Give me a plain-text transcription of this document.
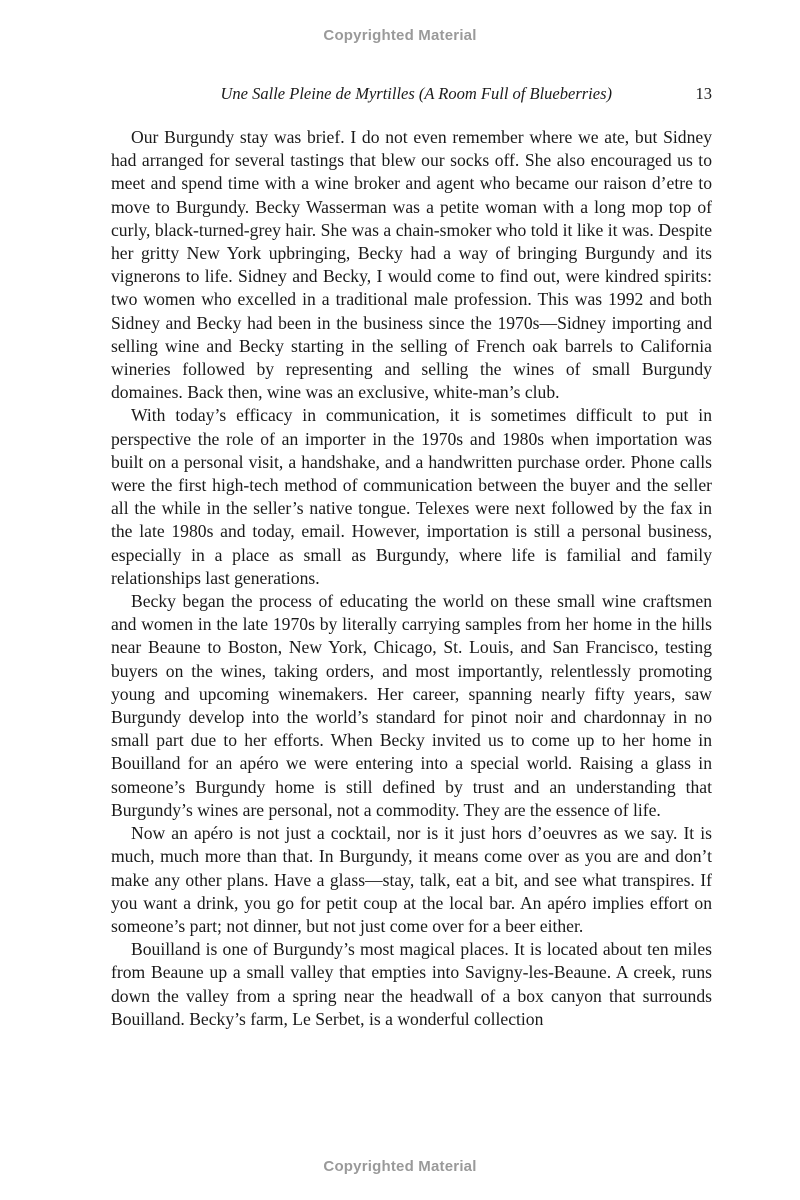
Copyrighted Material
Une Salle Pleine de Myrtilles (A Room Full of Blueberries)	13

Our Burgundy stay was brief. I do not even remember where we ate, but Sidney had arranged for several tastings that blew our socks off. She also encouraged us to meet and spend time with a wine broker and agent who became our raison d’etre to move to Burgundy. Becky Wasserman was a petite woman with a long mop top of curly, black-turned-grey hair. She was a chain-smoker who told it like it was. Despite her gritty New York upbringing, Becky had a way of bringing Burgundy and its vignerons to life. Sidney and Becky, I would come to find out, were kindred spirits: two women who excelled in a traditional male profession. This was 1992 and both Sidney and Becky had been in the business since the 1970s—Sidney importing and selling wine and Becky starting in the selling of French oak barrels to California wineries followed by representing and selling the wines of small Burgundy domaines. Back then, wine was an exclusive, white-man’s club.

With today’s efficacy in communication, it is sometimes difficult to put in perspective the role of an importer in the 1970s and 1980s when importation was built on a personal visit, a handshake, and a handwritten purchase order. Phone calls were the first high-tech method of communication between the buyer and the seller all the while in the seller’s native tongue. Telexes were next followed by the fax in the late 1980s and today, email. However, importation is still a personal business, especially in a place as small as Burgundy, where life is familial and family relationships last generations.

Becky began the process of educating the world on these small wine craftsmen and women in the late 1970s by literally carrying samples from her home in the hills near Beaune to Boston, New York, Chicago, St. Louis, and San Francisco, testing buyers on the wines, taking orders, and most importantly, relentlessly promoting young and upcoming winemakers. Her career, spanning nearly fifty years, saw Burgundy develop into the world’s standard for pinot noir and chardonnay in no small part due to her efforts. When Becky invited us to come up to her home in Bouilland for an apéro we were entering into a special world. Raising a glass in someone’s Burgundy home is still defined by trust and an understanding that Burgundy’s wines are personal, not a commodity. They are the essence of life.

Now an apéro is not just a cocktail, nor is it just hors d’oeuvres as we say. It is much, much more than that. In Burgundy, it means come over as you are and don’t make any other plans. Have a glass—stay, talk, eat a bit, and see what transpires. If you want a drink, you go for petit coup at the local bar. An apéro implies effort on someone’s part; not dinner, but not just come over for a beer either.

Bouilland is one of Burgundy’s most magical places. It is located about ten miles from Beaune up a small valley that empties into Savigny-les-Beaune. A creek, runs down the valley from a spring near the headwall of a box canyon that surrounds Bouilland. Becky’s farm, Le Serbet, is a wonderful collection

Copyrighted Material
